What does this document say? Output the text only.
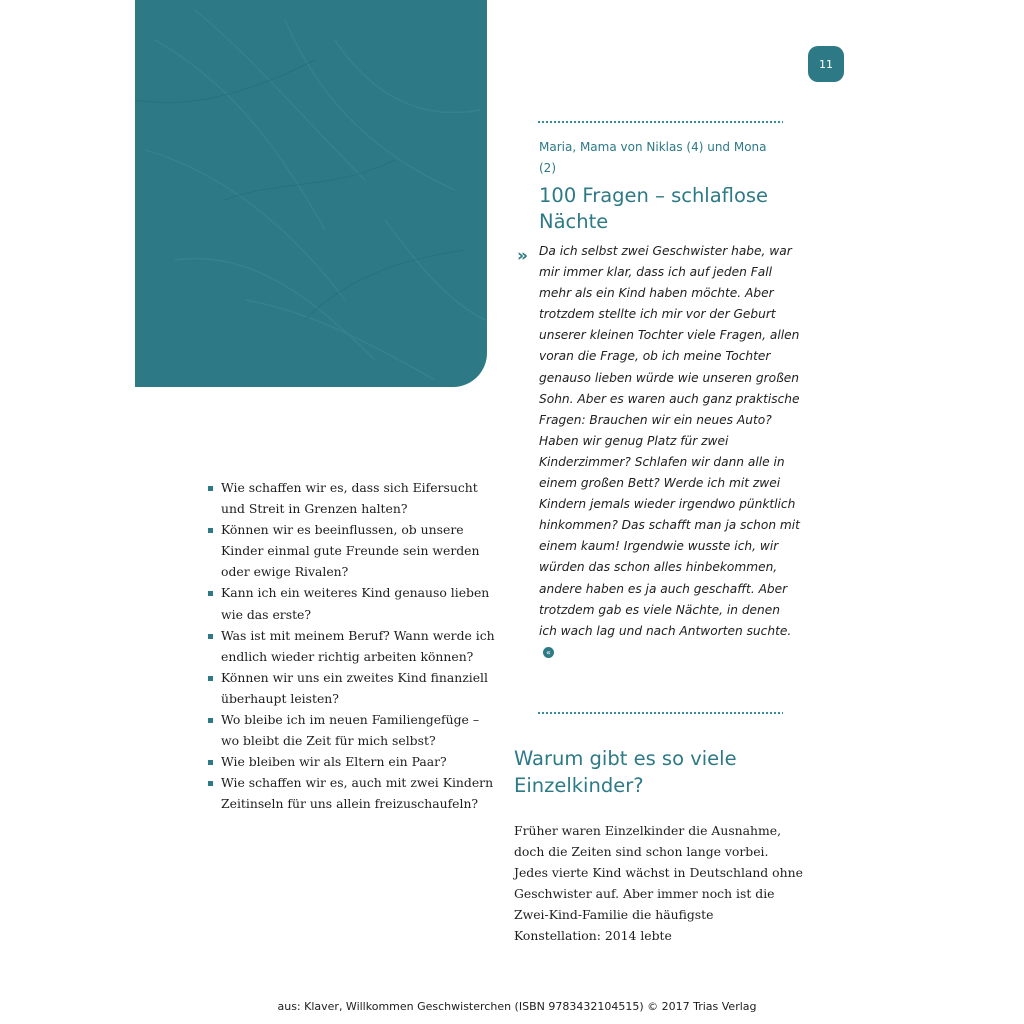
11
Maria, Mama von Niklas (4) und Mona (2)
100 Fragen – schlaflose Nächte
» Da ich selbst zwei Geschwister habe, war mir immer klar, dass ich auf jeden Fall mehr als ein Kind haben möchte. Aber trotzdem stellte ich mir vor der Geburt unserer kleinen Tochter viele Fragen, allen voran die Frage, ob ich meine Tochter genauso lieben würde wie unseren großen Sohn. Aber es waren auch ganz praktische Fragen: Brauchen wir ein neues Auto? Haben wir genug Platz für zwei Kinderzimmer? Schlafen wir dann alle in einem großen Bett? Werde ich mit zwei Kindern jemals wieder irgendwo pünktlich hinkommen? Das schafft man ja schon mit einem kaum! Irgendwie wusste ich, wir würden das schon alles hinbekommen, andere haben es ja auch geschafft. Aber trotzdem gab es viele Nächte, in denen ich wach lag und nach Antworten suchte.«

Wie schaffen wir es, dass sich Eifersucht und Streit in Grenzen halten?
Können wir es beeinflussen, ob unsere Kinder einmal gute Freunde sein werden oder ewige Rivalen?
Kann ich ein weiteres Kind genauso lieben wie das erste?
Was ist mit meinem Beruf? Wann werde ich endlich wieder richtig arbeiten können?
Können wir uns ein zweites Kind finanziell überhaupt leisten?
Wo bleibe ich im neuen Familiengefüge – wo bleibt die Zeit für mich selbst?
Wie bleiben wir als Eltern ein Paar?
Wie schaffen wir es, auch mit zwei Kindern Zeitinseln für uns allein freizuschaufeln?
Warum gibt es so viele Einzelkinder?

Früher waren Einzelkinder die Ausnahme, doch die Zeiten sind schon lange vorbei. Jedes vierte Kind wächst in Deutschland ohne Geschwister auf. Aber immer noch ist die Zwei-Kind-Familie die häufigste Konstellation: 2014 lebte

aus: Klaver, Willkommen Geschwisterchen (ISBN 9783432104515) © 2017 Trias Verlag
